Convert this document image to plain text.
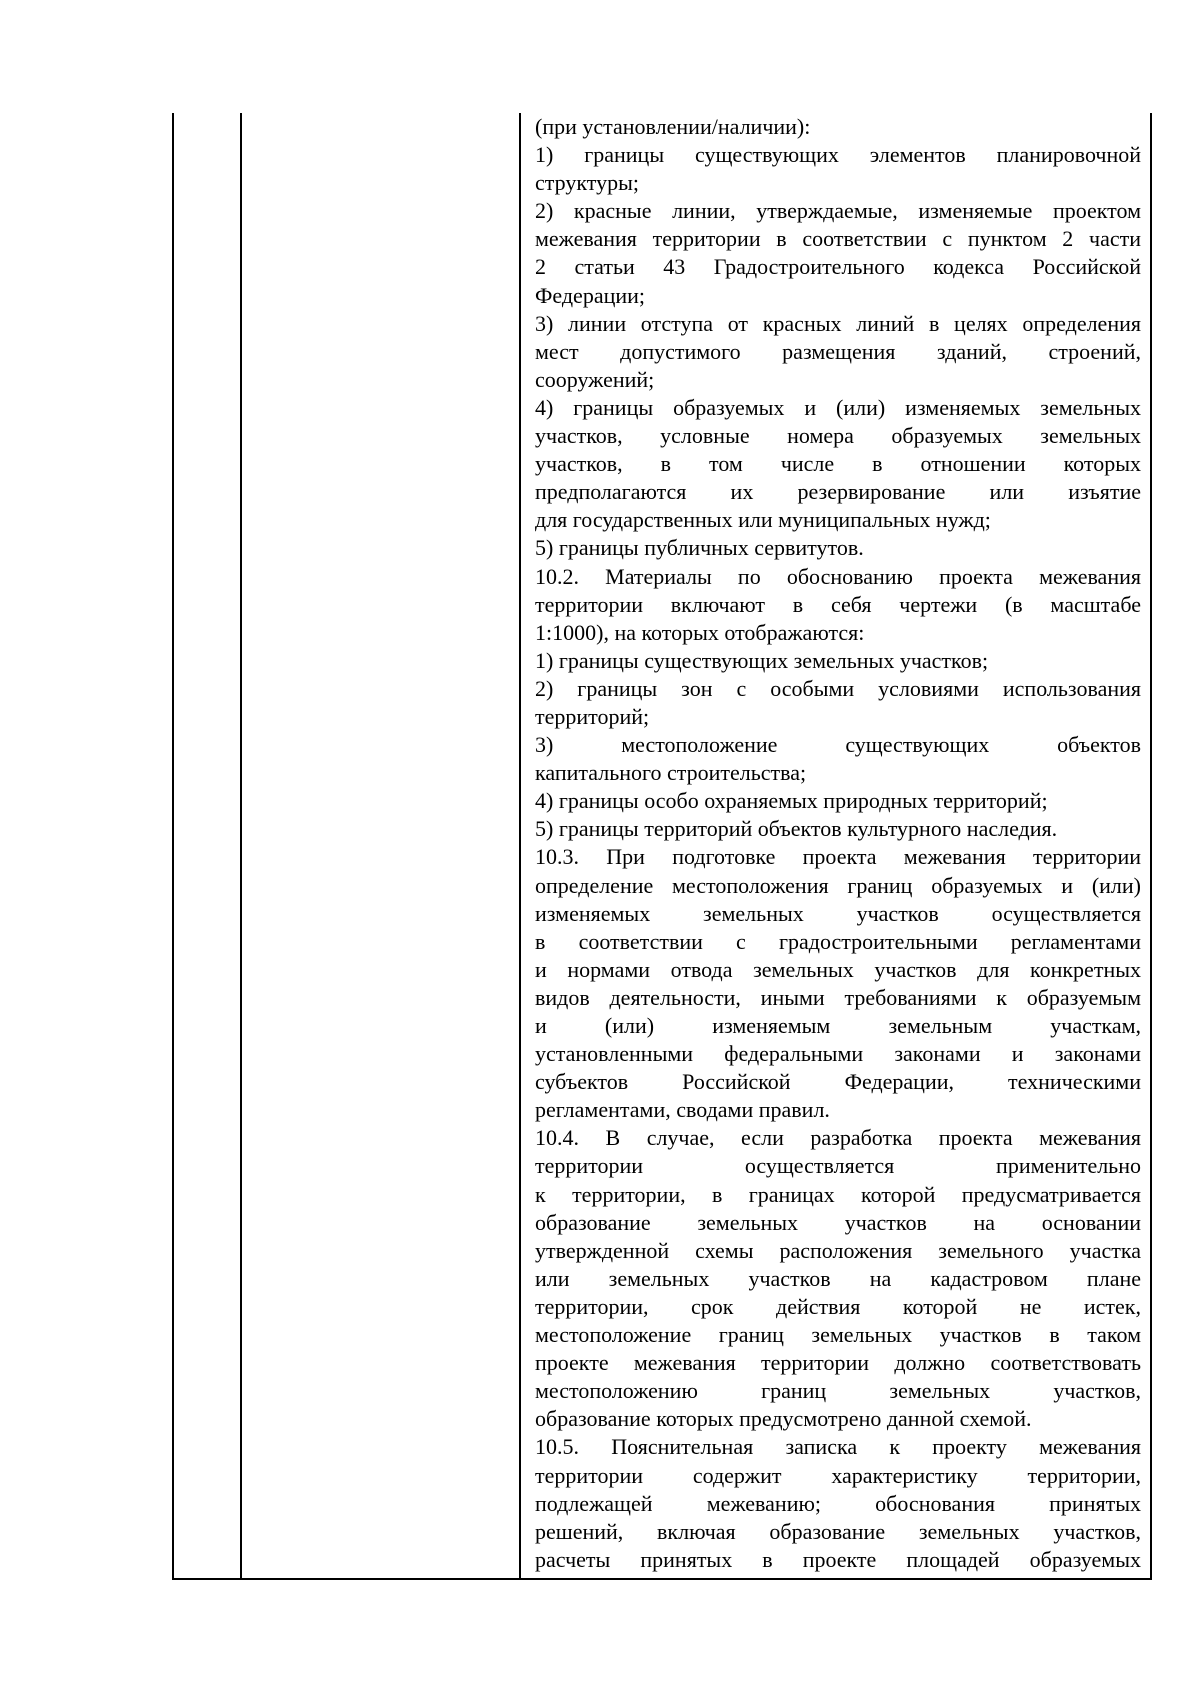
(при установлении/наличии):
1) границы существующих элементов планировочной
структуры;
2) красные линии, утверждаемые, изменяемые проектом
межевания территории в соответствии с пунктом 2 части
2 статьи 43 Градостроительного кодекса Российской
Федерации;
3) линии отступа от красных линий в целях определения
мест допустимого размещения зданий, строений,
сооружений;
4) границы образуемых и (или) изменяемых земельных
участков, условные номера образуемых земельных
участков, в том числе в отношении которых
предполагаются их резервирование или изъятие
для государственных или муниципальных нужд;
5) границы публичных сервитутов.
10.2. Материалы по обоснованию проекта межевания
территории включают в себя чертежи (в масштабе
1:1000), на которых отображаются:
1) границы существующих земельных участков;
2) границы зон с особыми условиями использования
территорий;
3) местоположение существующих объектов
капитального строительства;
4) границы особо охраняемых природных территорий;
5) границы территорий объектов культурного наследия.
10.3. При подготовке проекта межевания территории
определение местоположения границ образуемых и (или)
изменяемых земельных участков осуществляется
в соответствии с градостроительными регламентами
и нормами отвода земельных участков для конкретных
видов деятельности, иными требованиями к образуемым
и (или) изменяемым земельным участкам,
установленными федеральными законами и законами
субъектов Российской Федерации, техническими
регламентами, сводами правил.
10.4. В случае, если разработка проекта межевания
территории осуществляется применительно
к территории, в границах которой предусматривается
образование земельных участков на основании
утвержденной схемы расположения земельного участка
или земельных участков на кадастровом плане
территории, срок действия которой не истек,
местоположение границ земельных участков в таком
проекте межевания территории должно соответствовать
местоположению границ земельных участков,
образование которых предусмотрено данной схемой.
10.5. Пояснительная записка к проекту межевания
территории содержит характеристику территории,
подлежащей межеванию; обоснования принятых
решений, включая образование земельных участков,
расчеты принятых в проекте площадей образуемых
